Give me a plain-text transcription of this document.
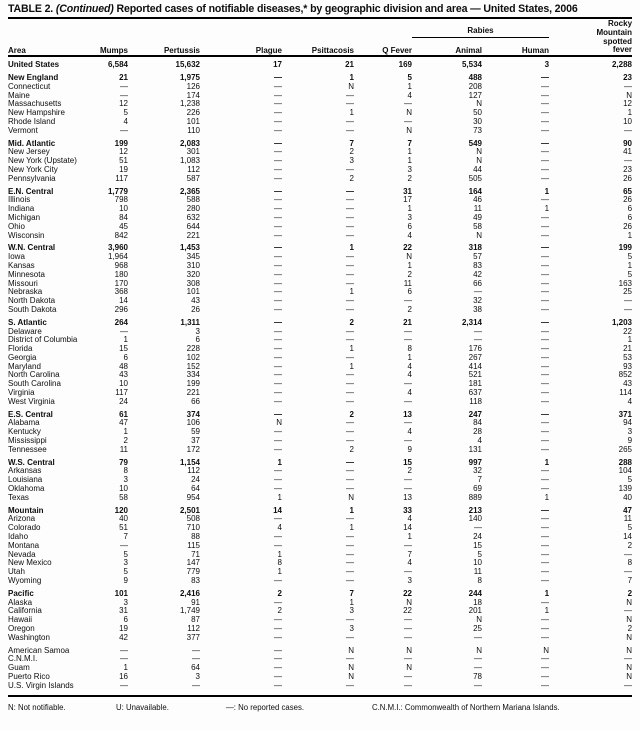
TABLE 2. (Continued) Reported cases of notifiable diseases,* by geographic division and area — United States, 2006
Area	Mumps	Pertussis	Plague	Psittacosis	Q Fever	Rabies		Rocky
Mountain
spotted
fever

						Animal	Human	
United States	6,584	15,632	17	21	169	5,534	3	2,288

New England	21	1,975	—	1	5	488	—	23
Connecticut	—	126	—	N	1	208	—	—
Maine	—	174	—	—	4	127	—	N
Massachusetts	12	1,238	—	—	—	N	—	12
New Hampshire	5	226	—	1	N	50	—	1
Rhode Island	4	101	—	—	—	30	—	10
Vermont	—	110	—	—	N	73	—	—

Mid. Atlantic	199	2,083	—	7	7	549	—	90
New Jersey	12	301	—	2	1	N	—	41
New York (Upstate)	51	1,083	—	3	1	N	—	—
New York City	19	112	—	—	3	44	—	23
Pennsylvania	117	587	—	2	2	505	—	26

E.N. Central	1,779	2,365	—	—	31	164	1	65
Illinois	798	588	—	—	17	46	—	26
Indiana	10	280	—	—	1	11	1	6
Michigan	84	632	—	—	3	49	—	6
Ohio	45	644	—	—	6	58	—	26
Wisconsin	842	221	—	—	4	N	—	1

W.N. Central	3,960	1,453	—	1	22	318	—	199
Iowa	1,964	345	—	—	N	57	—	5
Kansas	968	310	—	—	1	83	—	1
Minnesota	180	320	—	—	2	42	—	5
Missouri	170	308	—	—	11	66	—	163
Nebraska	368	101	—	1	6	—	—	25
North Dakota	14	43	—	—	—	32	—	—
South Dakota	296	26	—	—	2	38	—	—

S. Atlantic	264	1,311	—	2	21	2,314	—	1,203
Delaware	—	3	—	—	—	—	—	22
District of Columbia	1	6	—	—	—	—	—	1
Florida	15	228	—	1	8	176	—	21
Georgia	6	102	—	—	1	267	—	53
Maryland	48	152	—	1	4	414	—	93
North Carolina	43	334	—	—	4	521	—	852
South Carolina	10	199	—	—	—	181	—	43
Virginia	117	221	—	—	4	637	—	114
West Virginia	24	66	—	—	—	118	—	4

E.S. Central	61	374	—	2	13	247	—	371
Alabama	47	106	N	—	—	84	—	94
Kentucky	1	59	—	—	4	28	—	3
Mississippi	2	37	—	—	—	4	—	9
Tennessee	11	172	—	2	9	131	—	265

W.S. Central	79	1,154	1	—	15	997	1	288
Arkansas	8	112	—	—	2	32	—	104
Louisiana	3	24	—	—	—	7	—	5
Oklahoma	10	64	—	—	—	69	—	139
Texas	58	954	1	N	13	889	1	40

Mountain	120	2,501	14	1	33	213	—	47
Arizona	40	508	—	—	4	140	—	11
Colorado	51	710	4	1	14	—	—	5
Idaho	7	88	—	—	1	24	—	14
Montana	—	115	—	—	—	15	—	2
Nevada	5	71	1	—	7	5	—	—
New Mexico	3	147	8	—	4	10	—	8
Utah	5	779	1	—	—	11	—	—
Wyoming	9	83	—	—	3	8	—	7

Pacific	101	2,416	2	7	22	244	1	2
Alaska	3	91	—	1	N	18	—	N
California	31	1,749	2	3	22	201	1	—
Hawaii	6	87	—	—	—	N	—	N
Oregon	19	112	—	3	—	25	—	2
Washington	42	377	—	—	—	—	—	N

American Samoa	—	—	—	N	N	N	N	N
C.N.M.I.	—	—	—	—	—	—	—	—
Guam	1	64	—	N	N	—	—	N
Puerto Rico	16	3	—	N	—	78	—	N
U.S. Virgin Islands	—	—	—	—	—	—	—	—
N: Not notifiable.	U: Unavailable.	—: No reported cases.	C.N.M.I.: Commonwealth of Northern Mariana Islands.
